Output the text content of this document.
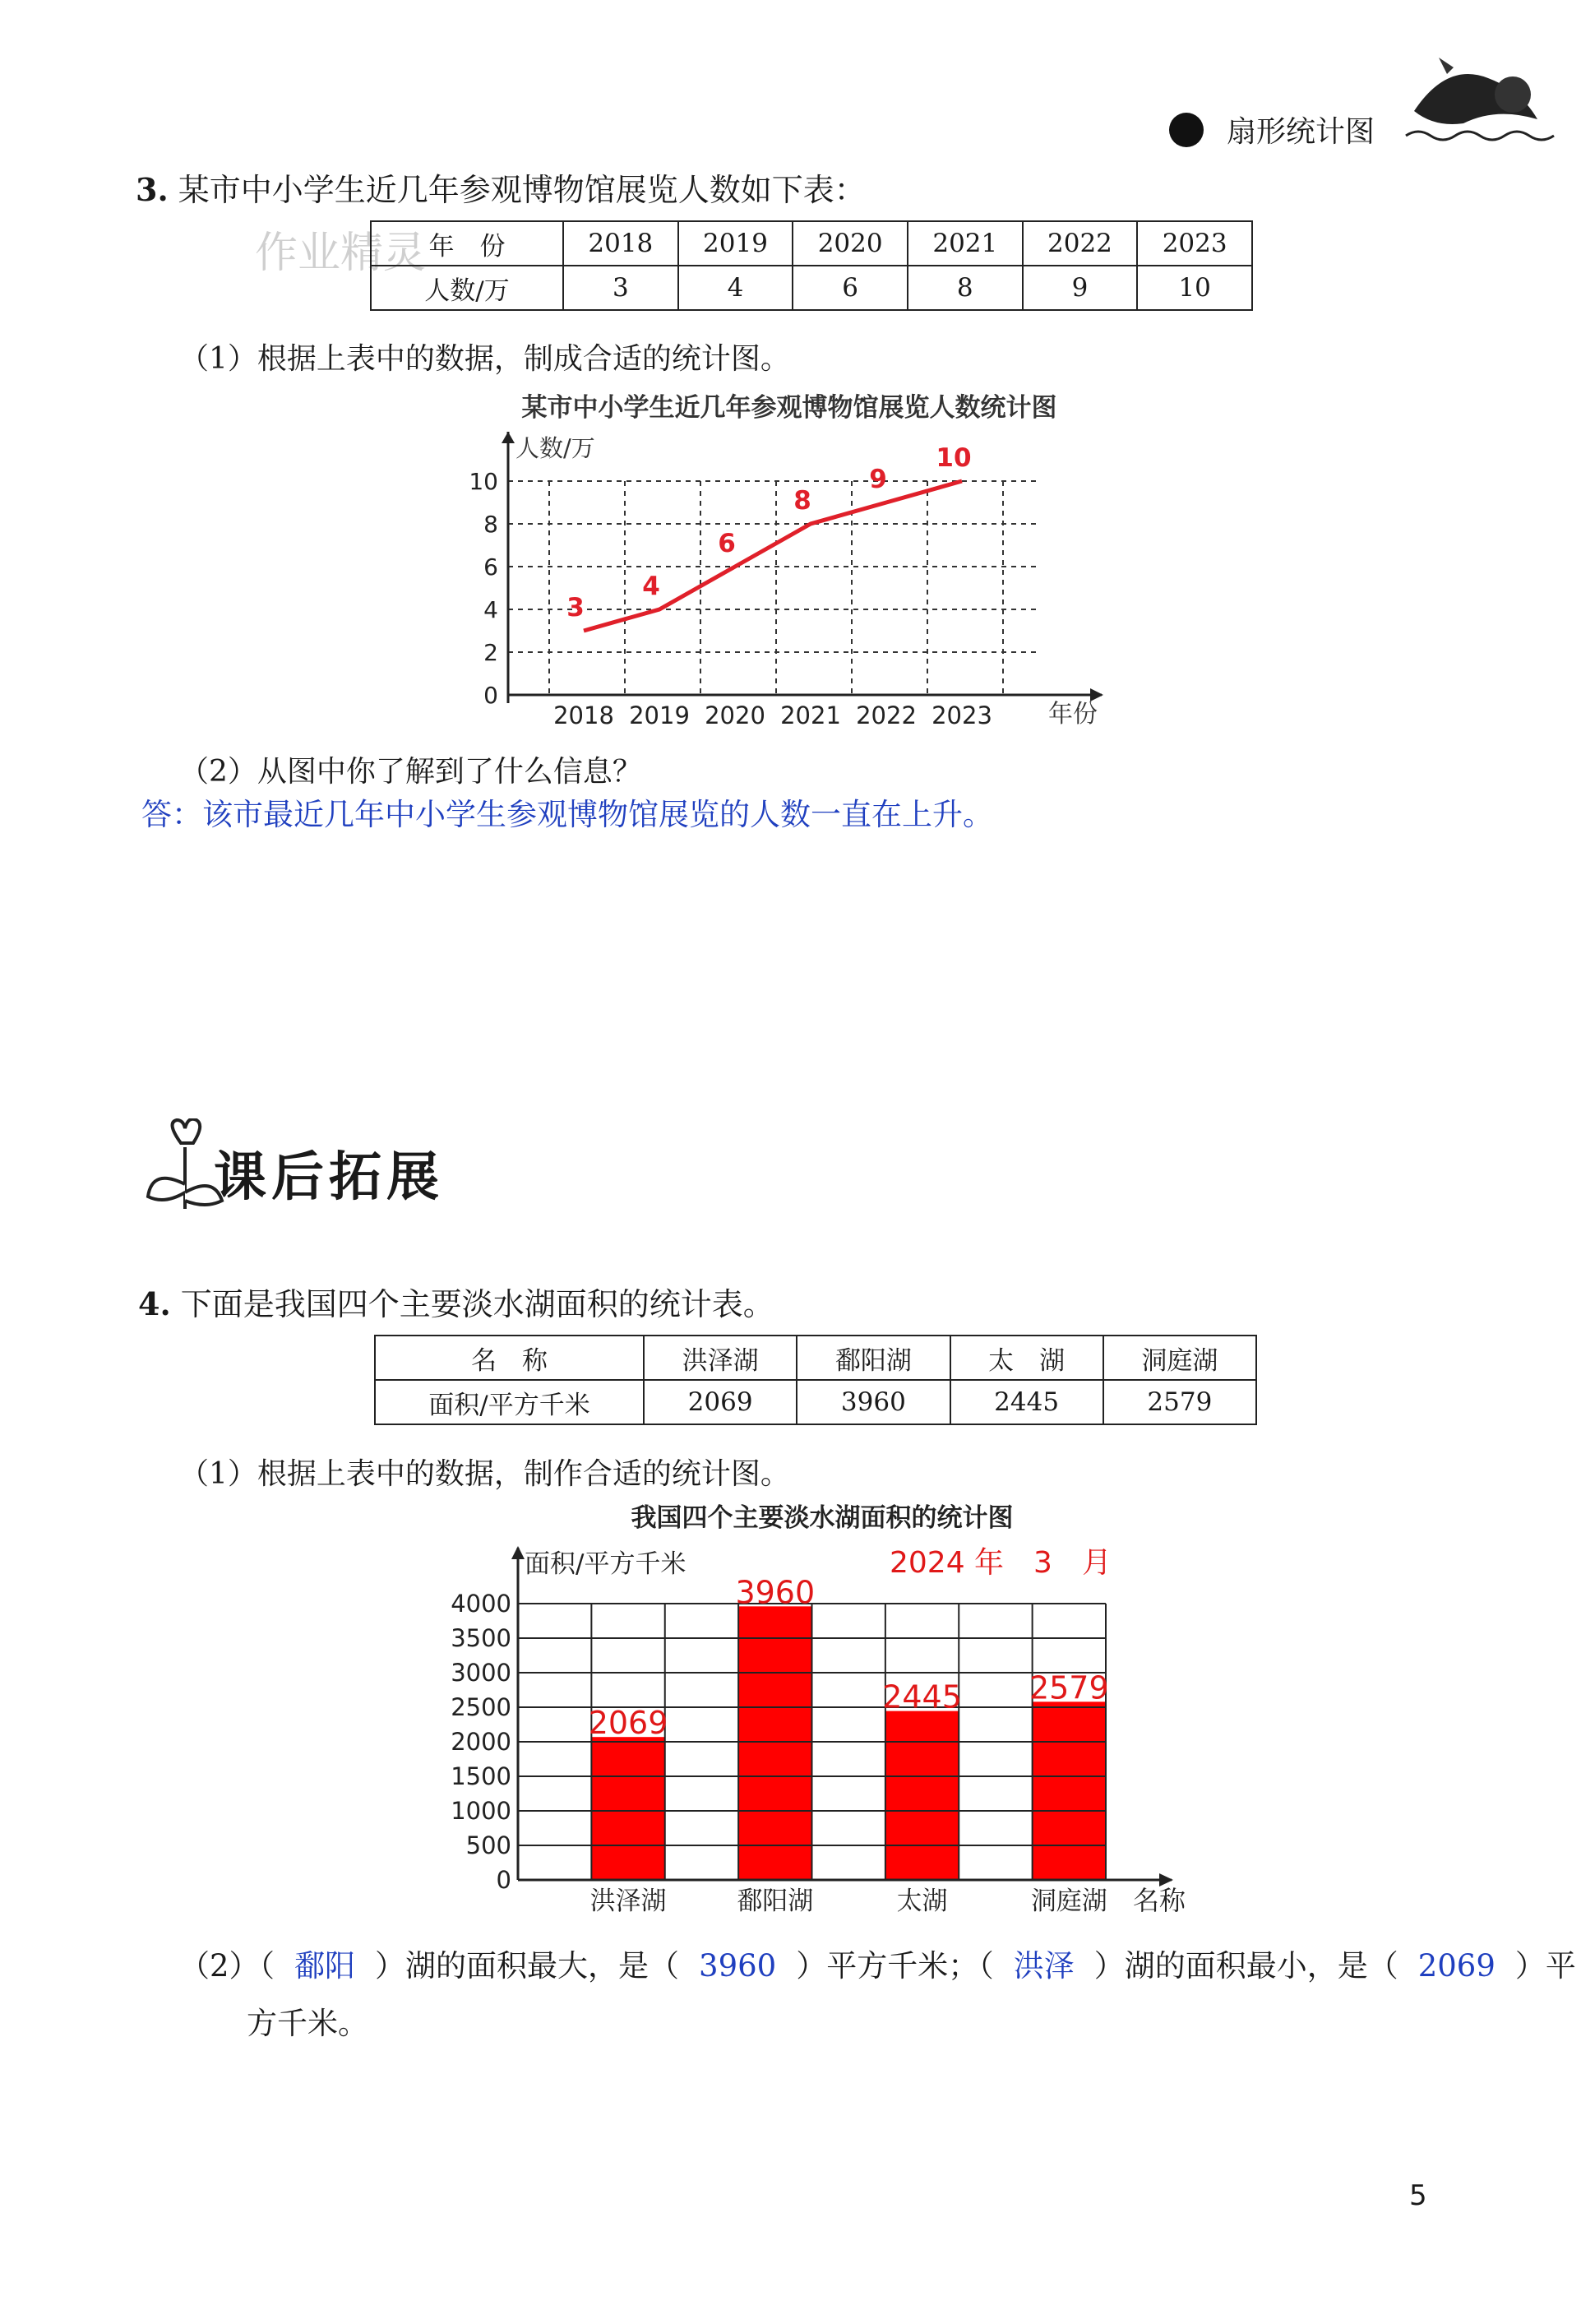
扇形统计图
作业精灵
3. 某市中小学生近几年参观博物馆展览人数如下表：
年　份	2018	2019	2020	2021	2022	2023
人数/万	3	4	6	8	9	10
（1）根据上表中的数据，制成合适的统计图。
某市中小学生近几年参观博物馆展览人数统计图
人数/万
年份
0
2
4
6
8
10
2018 2019 2020 2021 2022 2023
3
4
6
8
9
10
（2）从图中你了解到了什么信息？
答：该市最近几年中小学生参观博物馆展览的人数一直在上升。
课后拓展
4. 下面是我国四个主要淡水湖面积的统计表。
名　称	洪泽湖	鄱阳湖	太　湖	洞庭湖
面积/平方千米	2069	3960	2445	2579
（1）根据上表中的数据，制作合适的统计图。
我国四个主要淡水湖面积的统计图
面积/平方千米	2024 年　3　月
名称
0
500
1000
1500
2000
2500
3000
3500
4000
洪泽湖	鄱阳湖	太湖	洞庭湖
2069
3960
2445 2579
（2）（ 鄱阳 ）湖的面积最大，是（ 3960 ）平方千米；（ 洪泽 ）湖的面积最小，是（ 2069 ）平
方千米。
5
